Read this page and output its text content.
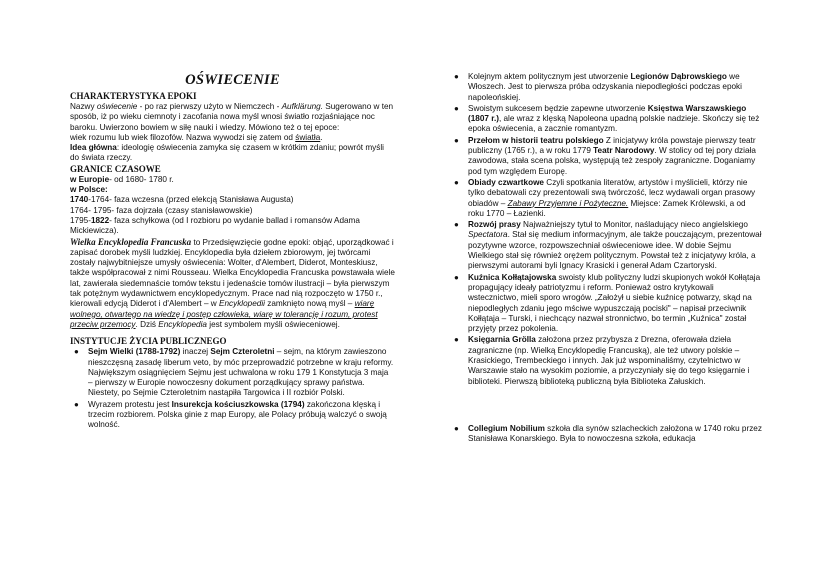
OŚWIECENIE
CHARAKTERYSTYKA EPOKI

Nazwy oświecenie - po raz pierwszy użyto w Niemczech - Aufklärung. Sugerowano w ten sposób, iż po wieku ciemnoty i zacofania nowa myśl wnosi światło rozjaśniające noc baroku. Uwierzono bowiem w siłę nauki i wiedzy. Mówiono też o tej epoce:

wiek rozumu lub wiek filozofów. Nazwa wywodzi się zatem od światła.

Idea główna: ideologię oświecenia zamyka się czasem w krótkim zdaniu; powrót myśli do świata rzeczy.

GRANICE CZASOWE

w Europie- od 1680- 1780 r.

w Polsce:

1740-1764- faza wczesna (przed elekcją Stanisława Augusta)

1764- 1795- faza dojrzała (czasy stanisławowskie)

1795-1822- faza schyłkowa (od I rozbioru po wydanie ballad i romansów Adama Mickiewicza).

Wielka Encyklopedia Francuska to Przedsięwzięcie godne epoki: objąć, uporządkować i zapisać dorobek myśli ludzkiej. Encyklopedia była dziełem zbiorowym, jej twórcami zostały najwybitniejsze umysły oświecenia: Wolter, d'Alembert, Diderot, Monteskiusz, także współpracował z nimi Rousseau. Wielka Encyklopedia Francuska powstawała wiele lat, zawierała siedemnaście tomów tekstu i jedenaście tomów ilustracji – była pierwszym tak potężnym wydawnictwem encyklopedycznym. Prace nad nią rozpoczęto w 1750 r., kierowali edycją Diderot i d'Alembert – w Encyklopedii zamknięto nową myśl – wiarę wolnego, otwartego na wiedzę i postęp człowieka, wiarę w tolerancję i rozum, protest przeciw przemocy. Dziś Encyklopedia jest symbolem myśli oświeceniowej.

INSTYTUCJE ŻYCIA PUBLICZNEGO
● Sejm Wielki (1788-1792) inaczej Sejm Czteroletni – sejm, na którym zawieszono nieszczęsną zasadę liberum veto, by móc przeprowadzić potrzebne w kraju reformy. Największym osiągnięciem Sejmu jest uchwalona w roku 179 1 Konstytucja 3 maja – pierwszy w Europie nowoczesny dokument porządkujący sprawy państwa. Niestety, po Sejmie Czteroletnim nastąpiła Targowica i II rozbiór Polski.
● Wyrazem protestu jest Insurekcja kościuszkowska (1794) zakończona klęską i trzecim rozbiorem. Polska ginie z map Europy, ale Polacy próbują walczyć o swoją wolność.
● Kolejnym aktem politycznym jest utworzenie Legionów Dąbrowskiego we Włoszech. Jest to pierwsza próba odzyskania niepodległości podczas epoki napoleońskiej.
● Swoistym sukcesem będzie zapewne utworzenie Księstwa Warszawskiego (1807 r.), ale wraz z klęską Napoleona upadną polskie nadzieje. Skończy się też epoka oświecenia, a zacznie romantyzm.
● Przełom w historii teatru polskiego Z inicjatywy króla powstaje pierwszy teatr publiczny (1765 r.), a w roku 1779 Teatr Narodowy. W stolicy od tej pory działa zawodowa, stała scena polska, występują też zespoły zagraniczne. Doganiamy pod tym względem Europę.
● Obiady czwartkowe Czyli spotkania literatów, artystów i myślicieli, którzy nie tylko debatowali czy prezentowali swą twórczość, lecz wydawali organ prasowy obiadów – Zabawy Przyjemne i Pożyteczne. Miejsce: Zamek Królewski, a od roku 1770 – Łazienki.
● Rozwój prasy Najważniejszy tytuł to Monitor, naśladujący nieco angielskiego Spectatora. Stał się medium informacyjnym, ale także pouczającym, prezentował pozytywne wzorce, rozpowszechniał oświeceniowe idee. W dobie Sejmu Wielkiego stał się również orężem politycznym. Powstał też z inicjatywy króla, a pierwszymi autorami byli Ignacy Krasicki i generał Adam Czartoryski.
● Kuźnica Kołłątajowska swoisty klub polityczny ludzi skupionych wokół Kołłątaja propagujący ideały patriotyzmu i reform. Ponieważ ostro krytykowali wstecznictwo, mieli sporo wrogów. „Założył u siebie kuźnicę potwarzy, skąd na niepodległych zdaniu jego mściwe wypuszczają pociski" – napisał przeciwnik Kołłątaja – Turski, i niechcący nazwał stronnictwo, bo termin „Kuźnica" został przyjęty przez pokolenia.
● Księgarnia Grölla założona przez przybysza z Drezna, oferowała dzieła zagraniczne (np. Wielką Encyklopedię Francuską), ale też utwory polskie – Krasickiego, Trembeckiego i innych. Jak już wspominaliśmy, czytelnictwo w Warszawie stało na wysokim poziomie, a przyczyniały się do tego księgarnie i biblioteki. Pierwszą biblioteką publiczną była Biblioteka Załuskich.
● Collegium Nobilium szkoła dla synów szlacheckich założona w 1740 roku przez Stanisława Konarskiego. Była to nowoczesna szkoła, edukacja
